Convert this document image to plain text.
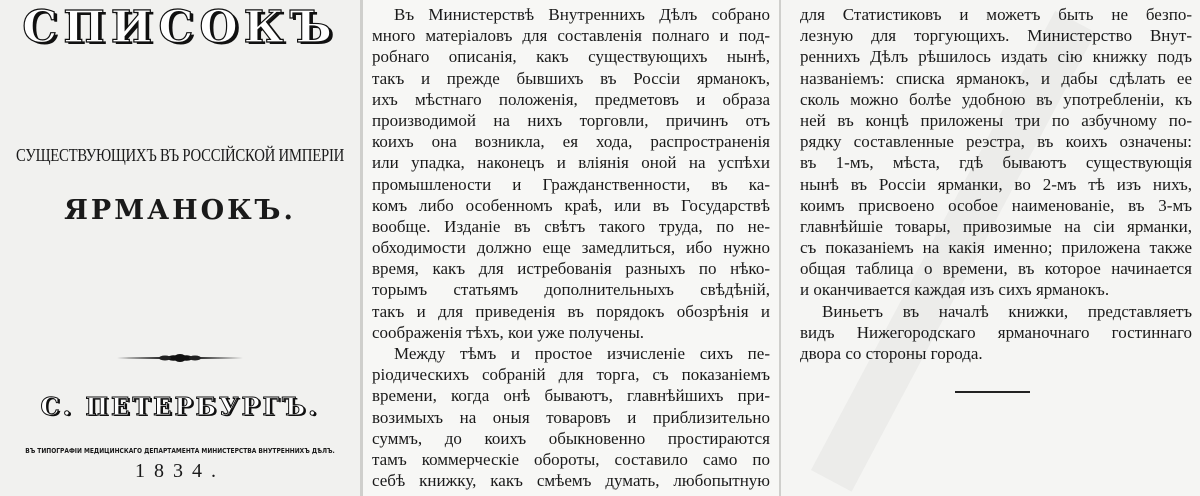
СПИСОКЪ
СУЩЕСТВУЮЩИХЪ ВЪ РОССІЙСКОЙ ИМПЕРІИ
ЯРМАНОКЪ.
С. ПЕТЕРБУРГЪ.
ВЪ ТИПОГРАФІИ МЕДИЦИНСКАГО ДЕПАРТАМЕНТА МИНИСТЕРСТВА ВНУТРЕННИХЪ ДѢЛЪ.
1834.
Въ Министерствѣ Внутреннихъ Дѣлъ собрано
много матеріаловъ для составленія полнаго и под-
робнаго описанія, какъ существующихъ нынѣ,
такъ и прежде бывшихъ въ Россіи ярманокъ,
ихъ мѣстнаго положенія, предметовъ и образа
производимой на нихъ торговли, причинъ отъ
коихъ она возникла, ея хода, распространенія
или упадка, наконецъ и вліянія оной на успѣхи
промышлености и Гражданственности, въ ка-
комъ либо особенномъ краѣ, или въ Государствѣ
вообще. Изданіе въ свѣтъ такого труда, по не-
обходимости должно еще замедлиться, ибо нужно
время, какъ для истребованія разныхъ по нѣко-
торымъ статьямъ дополнительныхъ свѣдѣній,
такъ и для приведенія въ порядокъ обозрѣнія и
соображенія тѣхъ, кои уже получены.
Между тѣмъ и простое изчисленіе сихъ пе-
ріодическихъ собраній для торга, съ показаніемъ
времени, когда онѣ бываютъ, главнѣйшихъ при-
возимыхъ на оныя товаровъ и приблизительно
суммъ, до коихъ обыкновенно простираются
тамъ коммерческіе обороты, составило само по
себѣ книжку, какъ смѣемъ думать, любопытную
для Статистиковъ и можетъ быть не безпо-
лезную для торгующихъ. Министерство Внут-
реннихъ Дѣлъ рѣшилось издать сію книжку подъ
названіемъ: списка ярманокъ, и дабы сдѣлать ее
сколь можно болѣе удобною въ употребленіи, къ
ней въ концѣ приложены три по азбучному по-
рядку составленные реэстра, въ коихъ означены:
въ 1-мъ, мѣста, гдѣ бываютъ существующія
нынѣ въ Россіи ярманки, во 2-мъ тѣ изъ нихъ,
коимъ присвоено особое наименованіе, въ 3-мъ
главнѣйшіе товары, привозимые на сіи ярманки,
съ показаніемъ на какія именно; приложена также
общая таблица о времени, въ которое начинается
и оканчивается каждая изъ сихъ ярманокъ.
Виньетъ въ началѣ книжки, представляетъ
видъ Нижегородскаго ярманочнаго гостиннаго
двора со стороны города.
